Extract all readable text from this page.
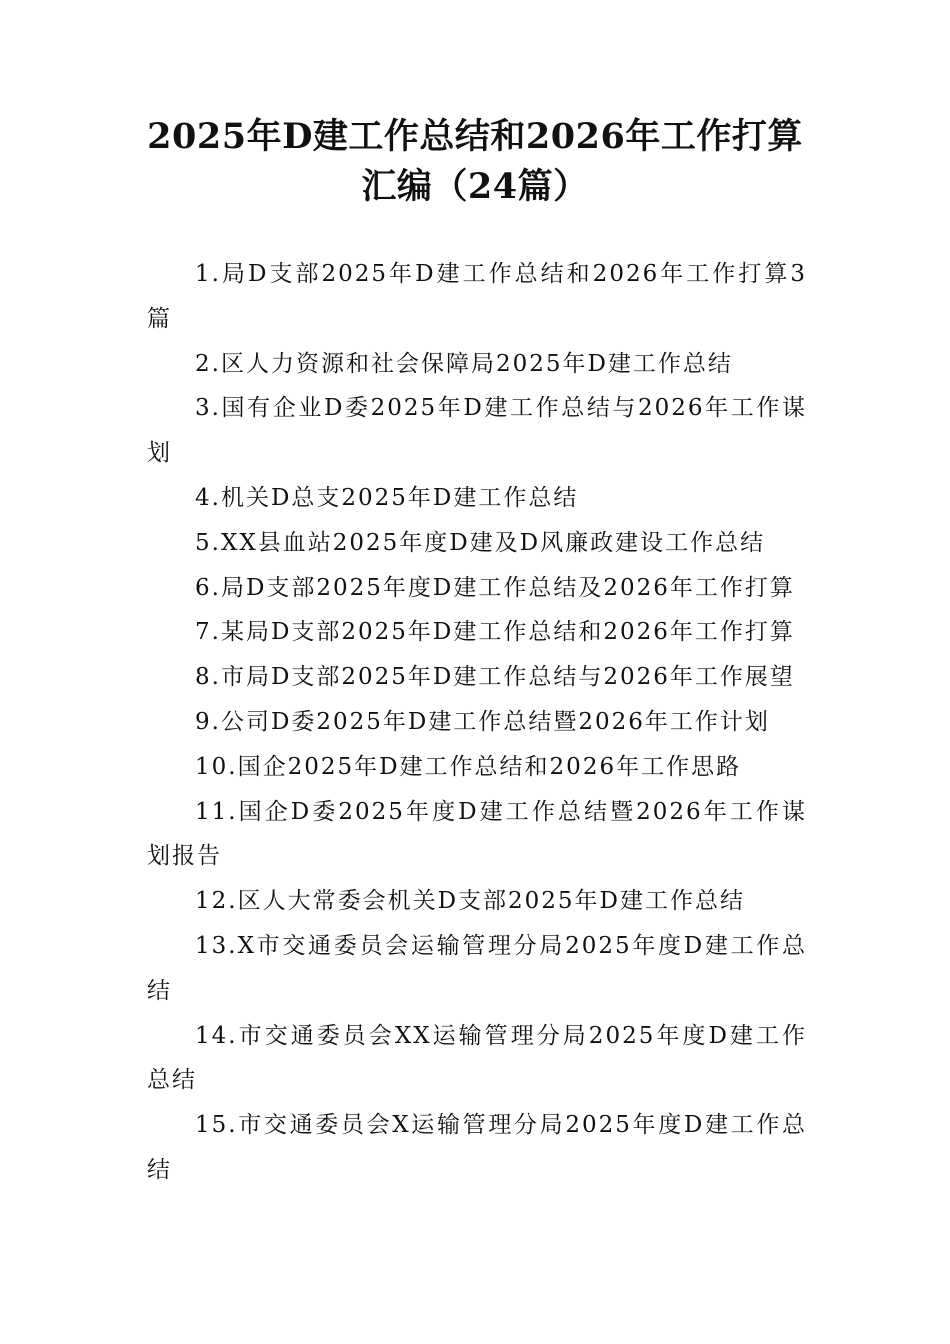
2025年D建工作总结和2026年工作打算汇编（24篇）
1.局D支部2025年D建工作总结和2026年工作打算3篇
2.区人力资源和社会保障局2025年D建工作总结
3.国有企业D委2025年D建工作总结与2026年工作谋划
4.机关D总支2025年D建工作总结
5.XX县血站2025年度D建及D风廉政建设工作总结
6.局D支部2025年度D建工作总结及2026年工作打算
7.某局D支部2025年D建工作总结和2026年工作打算
8.市局D支部2025年D建工作总结与2026年工作展望
9.公司D委2025年D建工作总结暨2026年工作计划
10.国企2025年D建工作总结和2026年工作思路
11.国企D委2025年度D建工作总结暨2026年工作谋划报告
12.区人大常委会机关D支部2025年D建工作总结
13.X市交通委员会运输管理分局2025年度D建工作总结
14.市交通委员会XX运输管理分局2025年度D建工作总结
15.市交通委员会X运输管理分局2025年度D建工作总结
